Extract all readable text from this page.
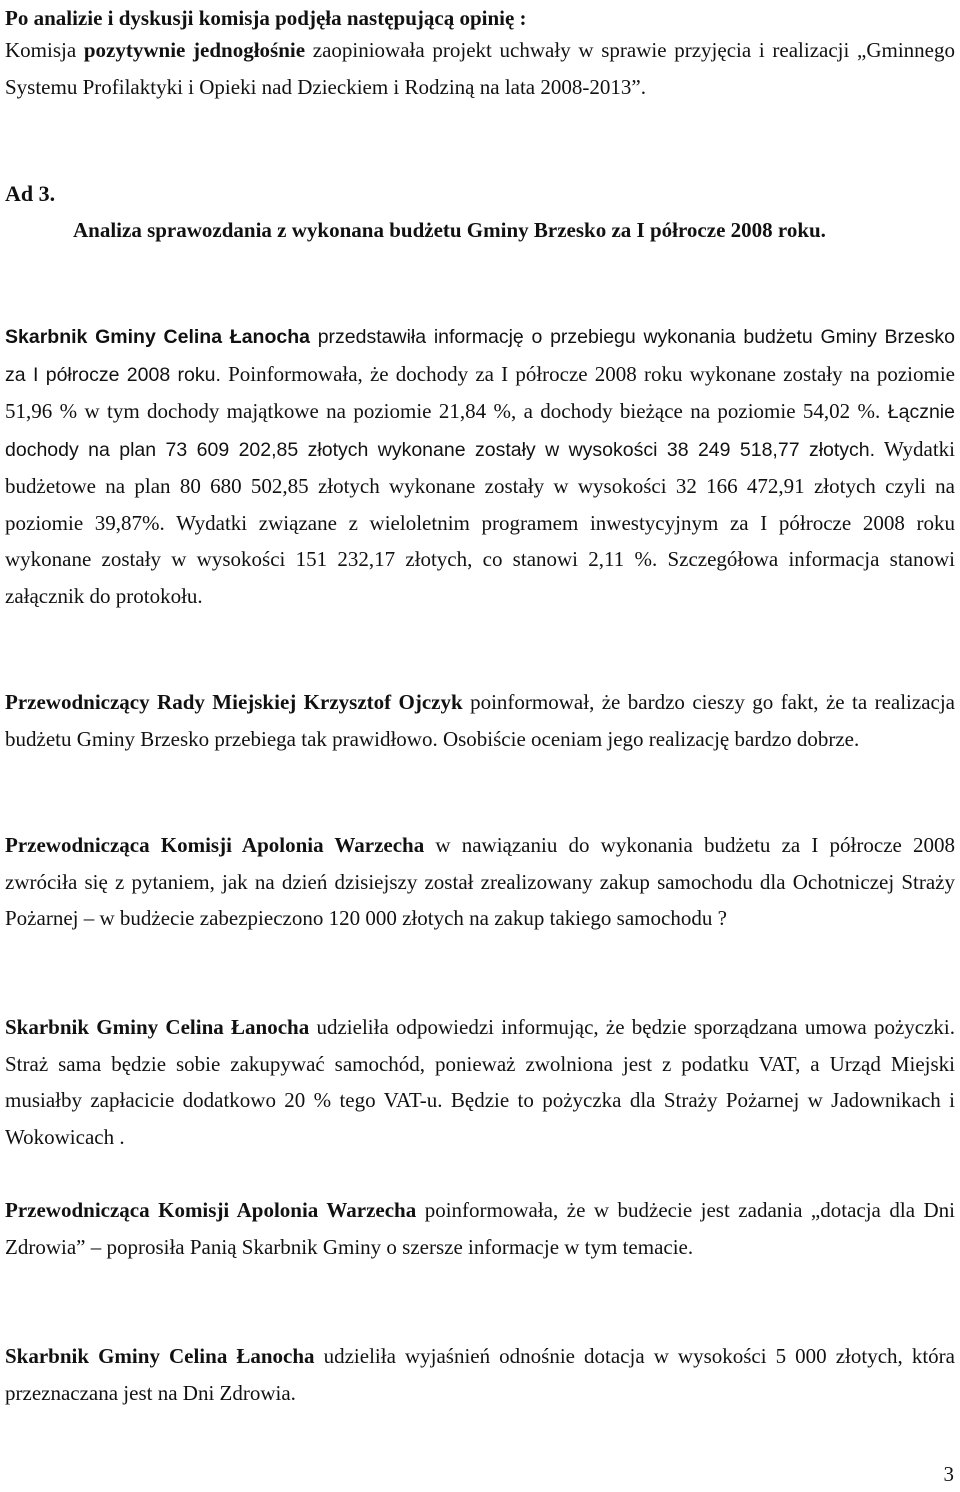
Po analizie i dyskusji komisja podjęła następującą opinię :

Komisja pozytywnie jednogłośnie zaopiniowała projekt uchwały w sprawie przyjęcia i realizacji „Gminnego Systemu Profilaktyki i Opieki nad Dzieckiem i Rodziną na lata 2008-2013”.

Ad 3.
Analiza sprawozdania z wykonana budżetu Gminy Brzesko za I półrocze 2008 roku.

Skarbnik Gminy Celina Łanocha przedstawiła informację o przebiegu wykonania budżetu Gminy Brzesko za I półrocze 2008 roku. Poinformowała, że dochody za I półrocze 2008 roku wykonane zostały na poziomie 51,96 % w tym dochody majątkowe na poziomie 21,84 %, a dochody bieżące na poziomie 54,02 %. Łącznie dochody na plan 73 609 202,85 złotych wykonane zostały w wysokości 38 249 518,77 złotych. Wydatki budżetowe na plan 80 680 502,85 złotych wykonane zostały w wysokości 32 166 472,91 złotych czyli na poziomie 39,87%. Wydatki związane z wieloletnim programem inwestycyjnym za I półrocze 2008 roku wykonane zostały w wysokości 151 232,17 złotych, co stanowi 2,11 %. Szczegółowa informacja stanowi załącznik do protokołu.

Przewodniczący Rady Miejskiej Krzysztof Ojczyk poinformował, że bardzo cieszy go fakt, że ta realizacja budżetu Gminy Brzesko przebiega tak prawidłowo. Osobiście oceniam jego realizację bardzo dobrze.

Przewodnicząca Komisji Apolonia Warzecha w nawiązaniu do wykonania budżetu za I półrocze 2008 zwróciła się z pytaniem, jak na dzień dzisiejszy został zrealizowany zakup samochodu dla Ochotniczej Straży Pożarnej – w budżecie zabezpieczono 120 000 złotych na zakup takiego samochodu ?

Skarbnik Gminy Celina Łanocha udzieliła odpowiedzi informując, że będzie sporządzana umowa pożyczki. Straż sama będzie sobie zakupywać samochód, ponieważ zwolniona jest z podatku VAT, a Urząd Miejski musiałby zapłacicie dodatkowo 20 % tego VAT-u. Będzie to pożyczka dla Straży Pożarnej w Jadownikach i Wokowicach .

Przewodnicząca Komisji Apolonia Warzecha poinformowała, że w budżecie jest zadania „dotacja dla Dni Zdrowia” – poprosiła Panią Skarbnik Gminy o szersze informacje w tym temacie.

Skarbnik Gminy Celina Łanocha udzieliła wyjaśnień odnośnie dotacja w wysokości 5 000 złotych, która przeznaczana jest na Dni Zdrowia.

3
